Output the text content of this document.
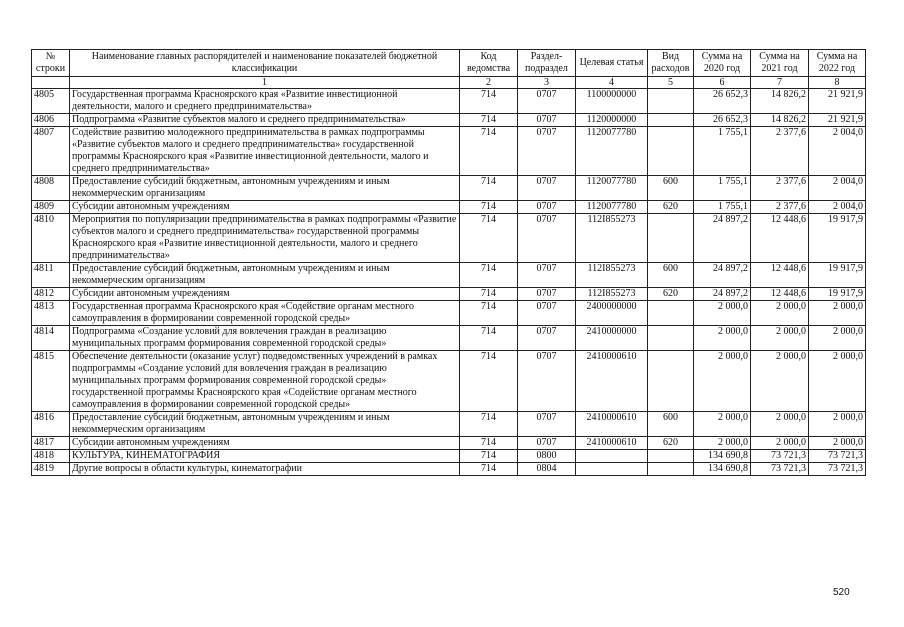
№ строки	Наименование главных распорядителей и наименование показателей бюджетной классификации	Код ведомства	Раздел-подраздел	Целевая статья	Вид расходов	Сумма на 2020 год	Сумма на 2021 год	Сумма на 2022 год
	1	2	3	4	5	6	7	8
4805	Государственная программа Красноярского края «Развитие инвестиционной деятельности, малого и среднего предпринимательства»	714	0707	1100000000		26 652,3	14 826,2	21 921,9
4806	Подпрограмма «Развитие субъектов малого и среднего предпринимательства»	714	0707	1120000000		26 652,3	14 826,2	21 921,9
4807	Содействие развитию молодежного предпринимательства в рамках подпрограммы «Развитие субъектов малого и среднего предпринимательства» государственной программы Красноярского края «Развитие инвестиционной деятельности, малого и среднего предпринимательства»	714	0707	1120077780		1 755,1	2 377,6	2 004,0
4808	Предоставление субсидий бюджетным, автономным учреждениям и иным некоммерческим организациям	714	0707	1120077780	600	1 755,1	2 377,6	2 004,0
4809	Субсидии автономным учреждениям	714	0707	1120077780	620	1 755,1	2 377,6	2 004,0
4810	Мероприятия по популяризации предпринимательства в рамках подпрограммы «Развитие субъектов малого и среднего предпринимательства» государственной программы Красноярского края «Развитие инвестиционной деятельности, малого и среднего предпринимательства»	714	0707	112I855273		24 897,2	12 448,6	19 917,9
4811	Предоставление субсидий бюджетным, автономным учреждениям и иным некоммерческим организациям	714	0707	112I855273	600	24 897,2	12 448,6	19 917,9
4812	Субсидии автономным учреждениям	714	0707	112I855273	620	24 897,2	12 448,6	19 917,9
4813	Государственная программа Красноярского края «Содействие органам местного самоуправления в формировании современной городской среды»	714	0707	2400000000		2 000,0	2 000,0	2 000,0
4814	Подпрограмма «Создание условий для вовлечения граждан в реализацию муниципальных программ формирования современной городской среды»	714	0707	2410000000		2 000,0	2 000,0	2 000,0
4815	Обеспечение деятельности (оказание услуг) подведомственных учреждений в рамках подпрограммы «Создание условий для вовлечения граждан в реализацию муниципальных программ формирования современной городской среды» государственной программы Красноярского края «Содействие органам местного самоуправления в формировании современной городской среды»	714	0707	2410000610		2 000,0	2 000,0	2 000,0
4816	Предоставление субсидий бюджетным, автономным учреждениям и иным некоммерческим организациям	714	0707	2410000610	600	2 000,0	2 000,0	2 000,0
4817	Субсидии автономным учреждениям	714	0707	2410000610	620	2 000,0	2 000,0	2 000,0
4818	КУЛЬТУРА, КИНЕМАТОГРАФИЯ	714	0800			134 690,8	73 721,3	73 721,3
4819	Другие вопросы в области культуры, кинематографии	714	0804			134 690,8	73 721,3	73 721,3
520
